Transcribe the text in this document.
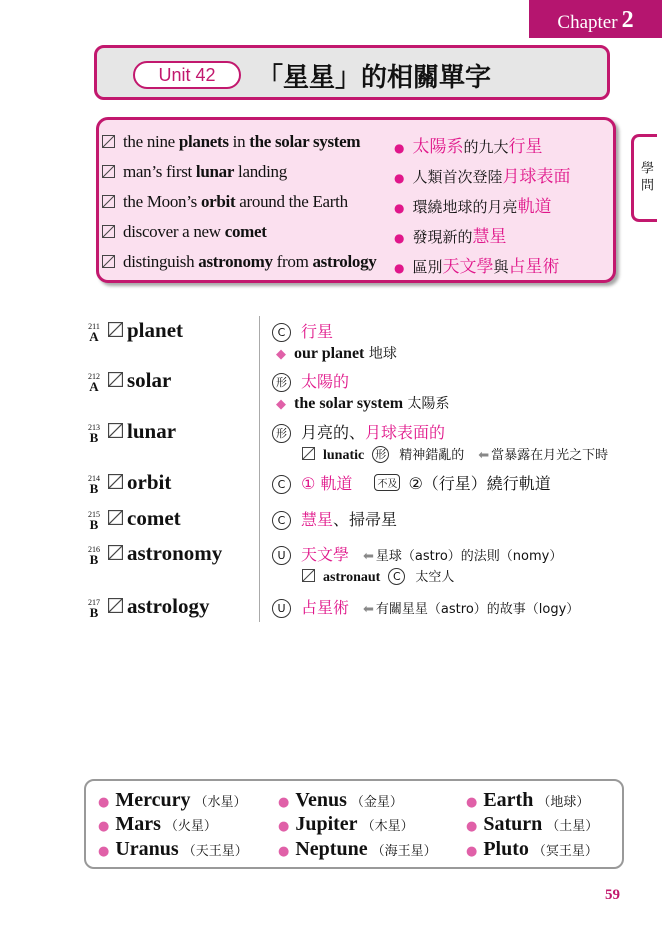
Chapter 2
Unit 42	「星星」的相關單字
the nine planets in the solar system	● 太陽系的九大行星
man’s first lunar landing	● 人類首次登陸月球表面
the Moon’s orbit around the Earth	● 環繞地球的月亮軌道
discover a new comet	● 發現新的慧星
distinguish astronomy from astrology ● 區別天文學與占星術
學問
211
A	planet	C 行星
◆ our planet 地球
212
A	solar	形 太陽的
◆ the solar system 太陽系
213
B	lunar	形 月亮的、月球表面的
lunatic 形 精神錯亂的 ⬅ 當暴露在月光之下時
214
B	orbit	C ① 軌道	不及 ②（行星）繞行軌道
215
B	comet	C 慧星、掃帚星
216
B	astronomy	U 天文學 ⬅ 星球（astro）的法則（nomy）
astronaut C 太空人
217
B	astrology	U 占星術 ⬅ 有關星星（astro）的故事（logy）
● Mercury （水星） ● Venus （金星）	● Earth （地球）
● Mars （火星）	● Jupiter （木星）	● Saturn （土星）
● Uranus （天王星） ● Neptune （海王星） ● Pluto （冥王星）
59
